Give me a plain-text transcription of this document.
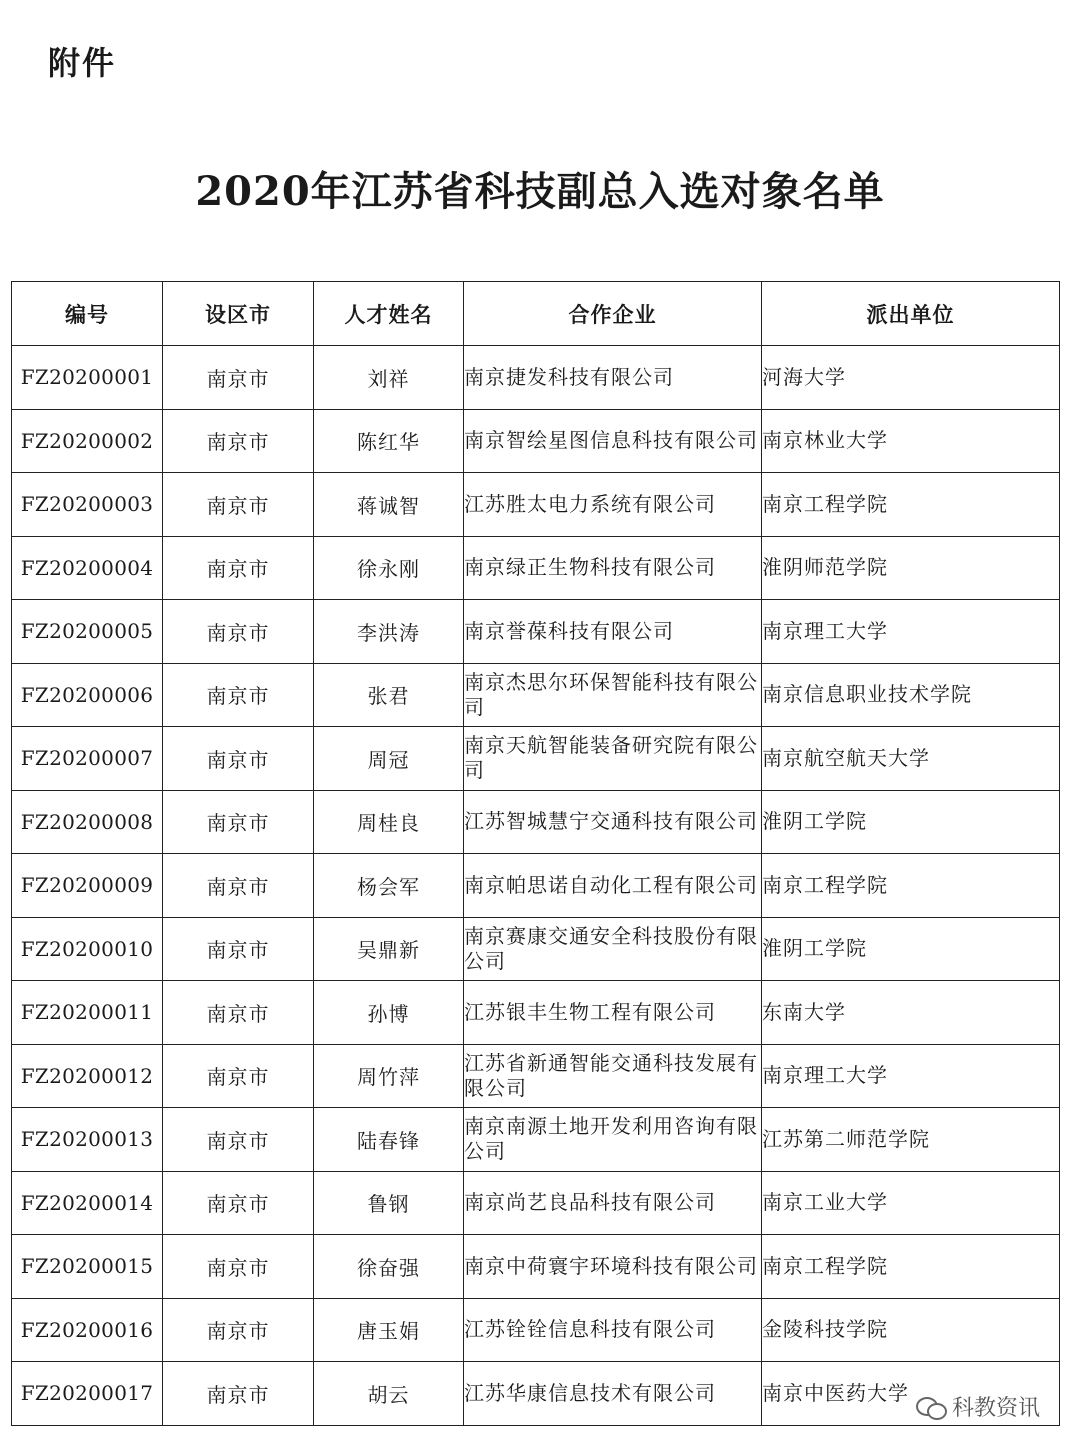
附件
2020年江苏省科技副总入选对象名单
编号	设区市	人才姓名	合作企业	派出单位
FZ20200001	南京市	刘祥	南京捷发科技有限公司	河海大学
FZ20200002	南京市	陈红华	南京智绘星图信息科技有限公司	南京林业大学
FZ20200003	南京市	蒋诚智	江苏胜太电力系统有限公司	南京工程学院
FZ20200004	南京市	徐永刚	南京绿正生物科技有限公司	淮阴师范学院
FZ20200005	南京市	李洪涛	南京誉葆科技有限公司	南京理工大学
FZ20200006	南京市	张君	南京杰思尔环保智能科技有限公司	南京信息职业技术学院
FZ20200007	南京市	周冠	南京天航智能装备研究院有限公司	南京航空航天大学
FZ20200008	南京市	周桂良	江苏智城慧宁交通科技有限公司	淮阴工学院
FZ20200009	南京市	杨会军	南京帕思诺自动化工程有限公司	南京工程学院
FZ20200010	南京市	吴鼎新	南京赛康交通安全科技股份有限公司	淮阴工学院
FZ20200011	南京市	孙博	江苏银丰生物工程有限公司	东南大学
FZ20200012	南京市	周竹萍	江苏省新通智能交通科技发展有限公司	南京理工大学
FZ20200013	南京市	陆春锋	南京南源土地开发利用咨询有限公司	江苏第二师范学院
FZ20200014	南京市	鲁钢	南京尚艺良品科技有限公司	南京工业大学
FZ20200015	南京市	徐奋强	南京中荷寰宇环境科技有限公司	南京工程学院
FZ20200016	南京市	唐玉娟	江苏铨铨信息科技有限公司	金陵科技学院
FZ20200017	南京市	胡云	江苏华康信息技术有限公司	南京中医药大学
科教资讯
